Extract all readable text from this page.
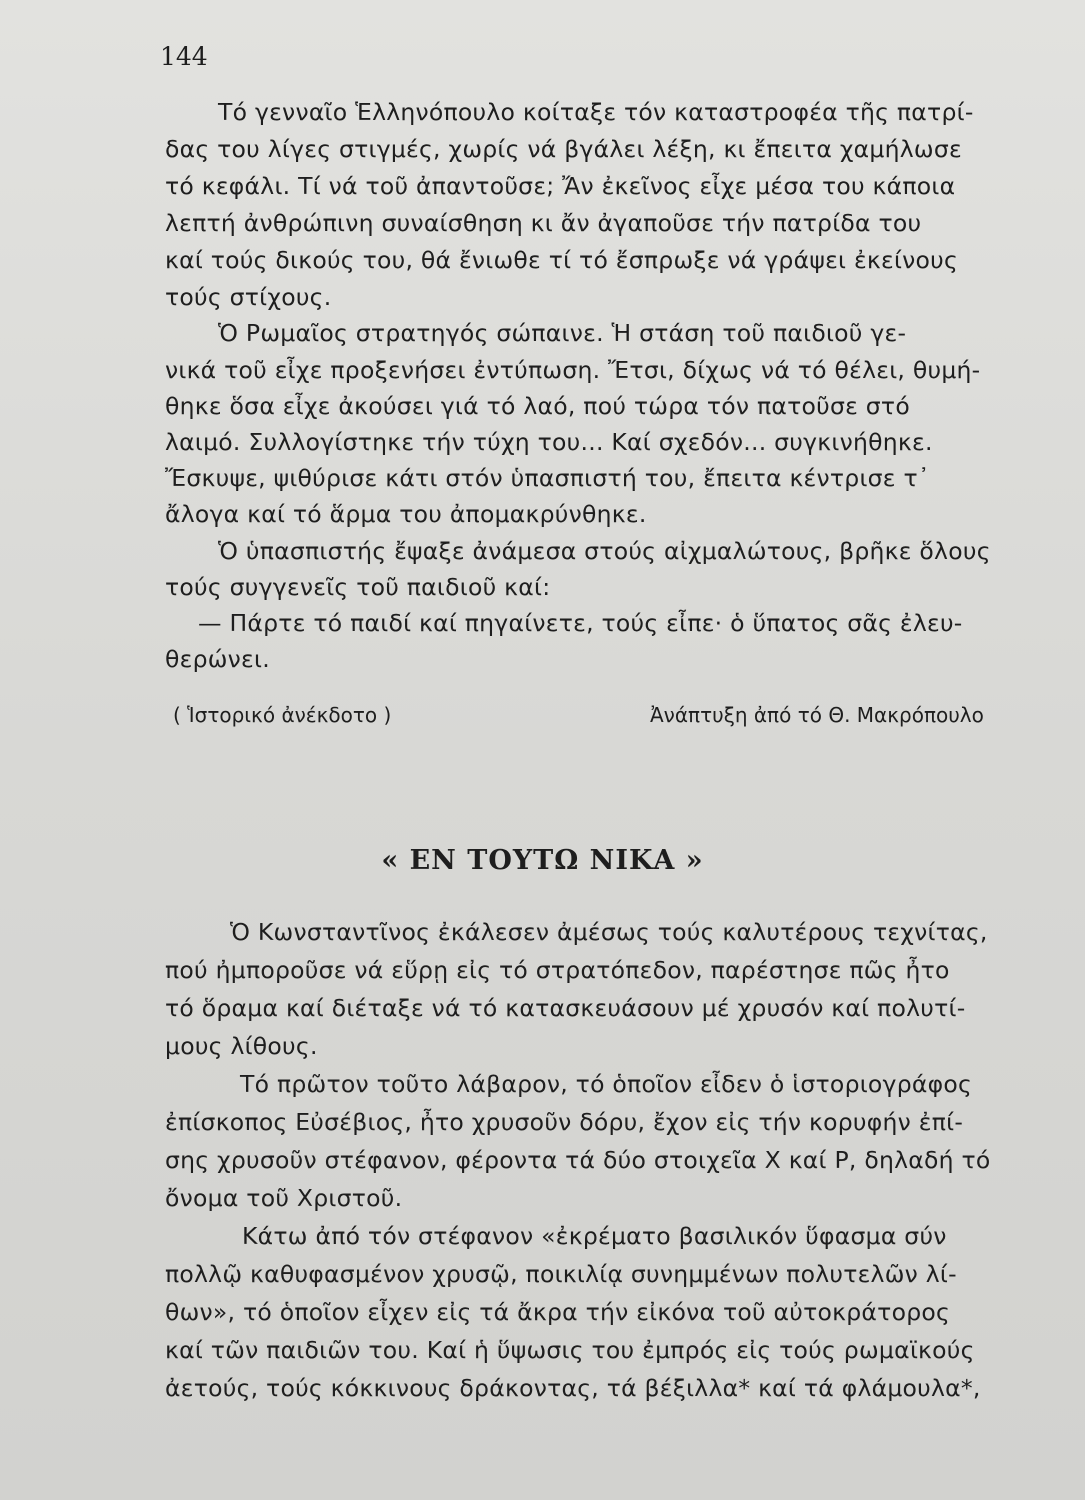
144
Τό γενναῖο Ἑλληνόπουλο κοίταξε τόν καταστροφέα τῆς πατρί-
δας του λίγες στιγμές, χωρίς νά βγάλει λέξη, κι ἔπειτα χαμήλωσε
τό κεφάλι. Τί νά τοῦ ἀπαντοῦσε; Ἄν ἐκεῖνος εἶχε μέσα του κάποια
λεπτή ἀνθρώπινη συναίσθηση κι ἄν ἀγαποῦσε τήν πατρίδα του
καί τούς δικούς του, θά ἔνιωθε τί τό ἔσπρωξε νά γράψει ἐκείνους
τούς στίχους.
Ὁ Ρωμαῖος στρατηγός σώπαινε. Ἡ στάση τοῦ παιδιοῦ γε-
νικά τοῦ εἶχε προξενήσει ἐντύπωση. Ἔτσι, δίχως νά τό θέλει, θυμή-
θηκε ὅσα εἶχε ἀκούσει γιά τό λαό, πού τώρα τόν πατοῦσε στό
λαιμό. Συλλογίστηκε τήν τύχη του... Καί σχεδόν... συγκινήθηκε.
Ἔσκυψε, ψιθύρισε κάτι στόν ὑπασπιστή του, ἔπειτα κέντρισε τ᾿
ἄλογα καί τό ἅρμα του ἀπομακρύνθηκε.
Ὁ ὑπασπιστής ἔψαξε ἀνάμεσα στούς αἰχμαλώτους, βρῆκε ὅλους
τούς συγγενεῖς τοῦ παιδιοῦ καί:
— Πάρτε τό παιδί καί πηγαίνετε, τούς εἶπε· ὁ ὕπατος σᾶς ἐλευ-
θερώνει.
( Ἱστορικό ἀνέκδοτο )	Ἀνάπτυξη ἀπό τό Θ. Μακρόπουλο
« ΕΝ ΤΟΥΤΩ ΝΙΚΑ »
Ὁ Κωνσταντῖνος ἐκάλεσεν ἀμέσως τούς καλυτέρους τεχνίτας,
πού ἠμποροῦσε νά εὕρῃ εἰς τό στρατόπεδον, παρέστησε πῶς ἦτο
τό ὅραμα καί διέταξε νά τό κατασκευάσουν μέ χρυσόν καί πολυτί-
μους λίθους.
Τό πρῶτον τοῦτο λάβαρον, τό ὁποῖον εἶδεν ὁ ἱστοριογράφος
ἐπίσκοπος Εὐσέβιος, ἦτο χρυσοῦν δόρυ, ἔχον εἰς τήν κορυφήν ἐπί-
σης χρυσοῦν στέφανον, φέροντα τά δύο στοιχεῖα Χ καί Ρ, δηλαδή τό
ὄνομα τοῦ Χριστοῦ.
Κάτω ἀπό τόν στέφανον «ἐκρέματο βασιλικόν ὕφασμα σύν
πολλῷ καθυφασμένον χρυσῷ, ποικιλίᾳ συνημμένων πολυτελῶν λί-
θων», τό ὁποῖον εἶχεν εἰς τά ἄκρα τήν εἰκόνα τοῦ αὐτοκράτορος
καί τῶν παιδιῶν του. Καί ἡ ὕψωσις του ἐμπρός εἰς τούς ρωμαϊκούς
ἀετούς, τούς κόκκινους δράκοντας, τά βέξιλλα* καί τά φλάμουλα*,
